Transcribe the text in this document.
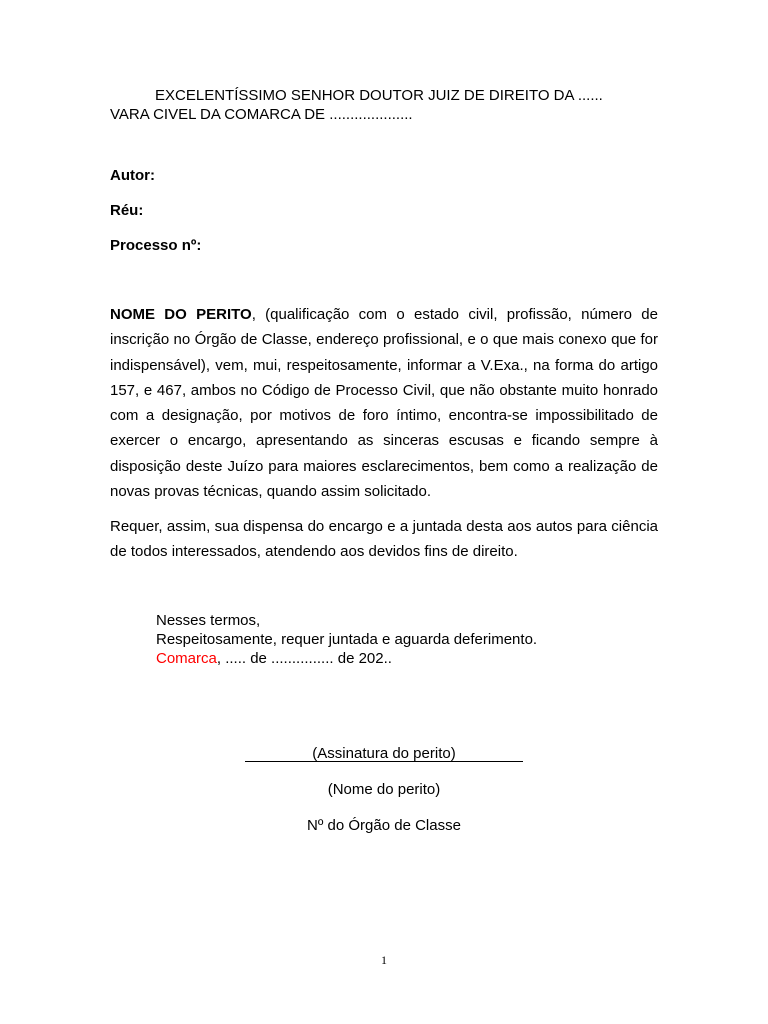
EXCELENTÍSSIMO SENHOR DOUTOR JUIZ DE DIREITO DA ......
VARA CIVEL DA COMARCA DE ....................
Autor:
Réu:
Processo nº:
NOME DO PERITO, (qualificação com o estado civil, profissão, número de inscrição no Órgão de Classe, endereço profissional, e o que mais conexo que for indispensável), vem, mui, respeitosamente, informar a V.Exa., na forma do artigo 157, e 467, ambos no Código de Processo Civil, que não obstante muito honrado com a designação, por motivos de foro íntimo, encontra-se impossibilitado de exercer o encargo, apresentando as sinceras escusas e ficando sempre à disposição deste Juízo para maiores esclarecimentos, bem como a realização de novas provas técnicas, quando assim solicitado.
Requer, assim, sua dispensa do encargo e a juntada desta aos autos para ciência de todos interessados, atendendo aos devidos fins de direito.
Nesses termos,
Respeitosamente, requer juntada e aguarda deferimento.
Comarca, ..... de ............... de 202..
(Assinatura do perito)
(Nome do perito)
Nº do Órgão de Classe
1
